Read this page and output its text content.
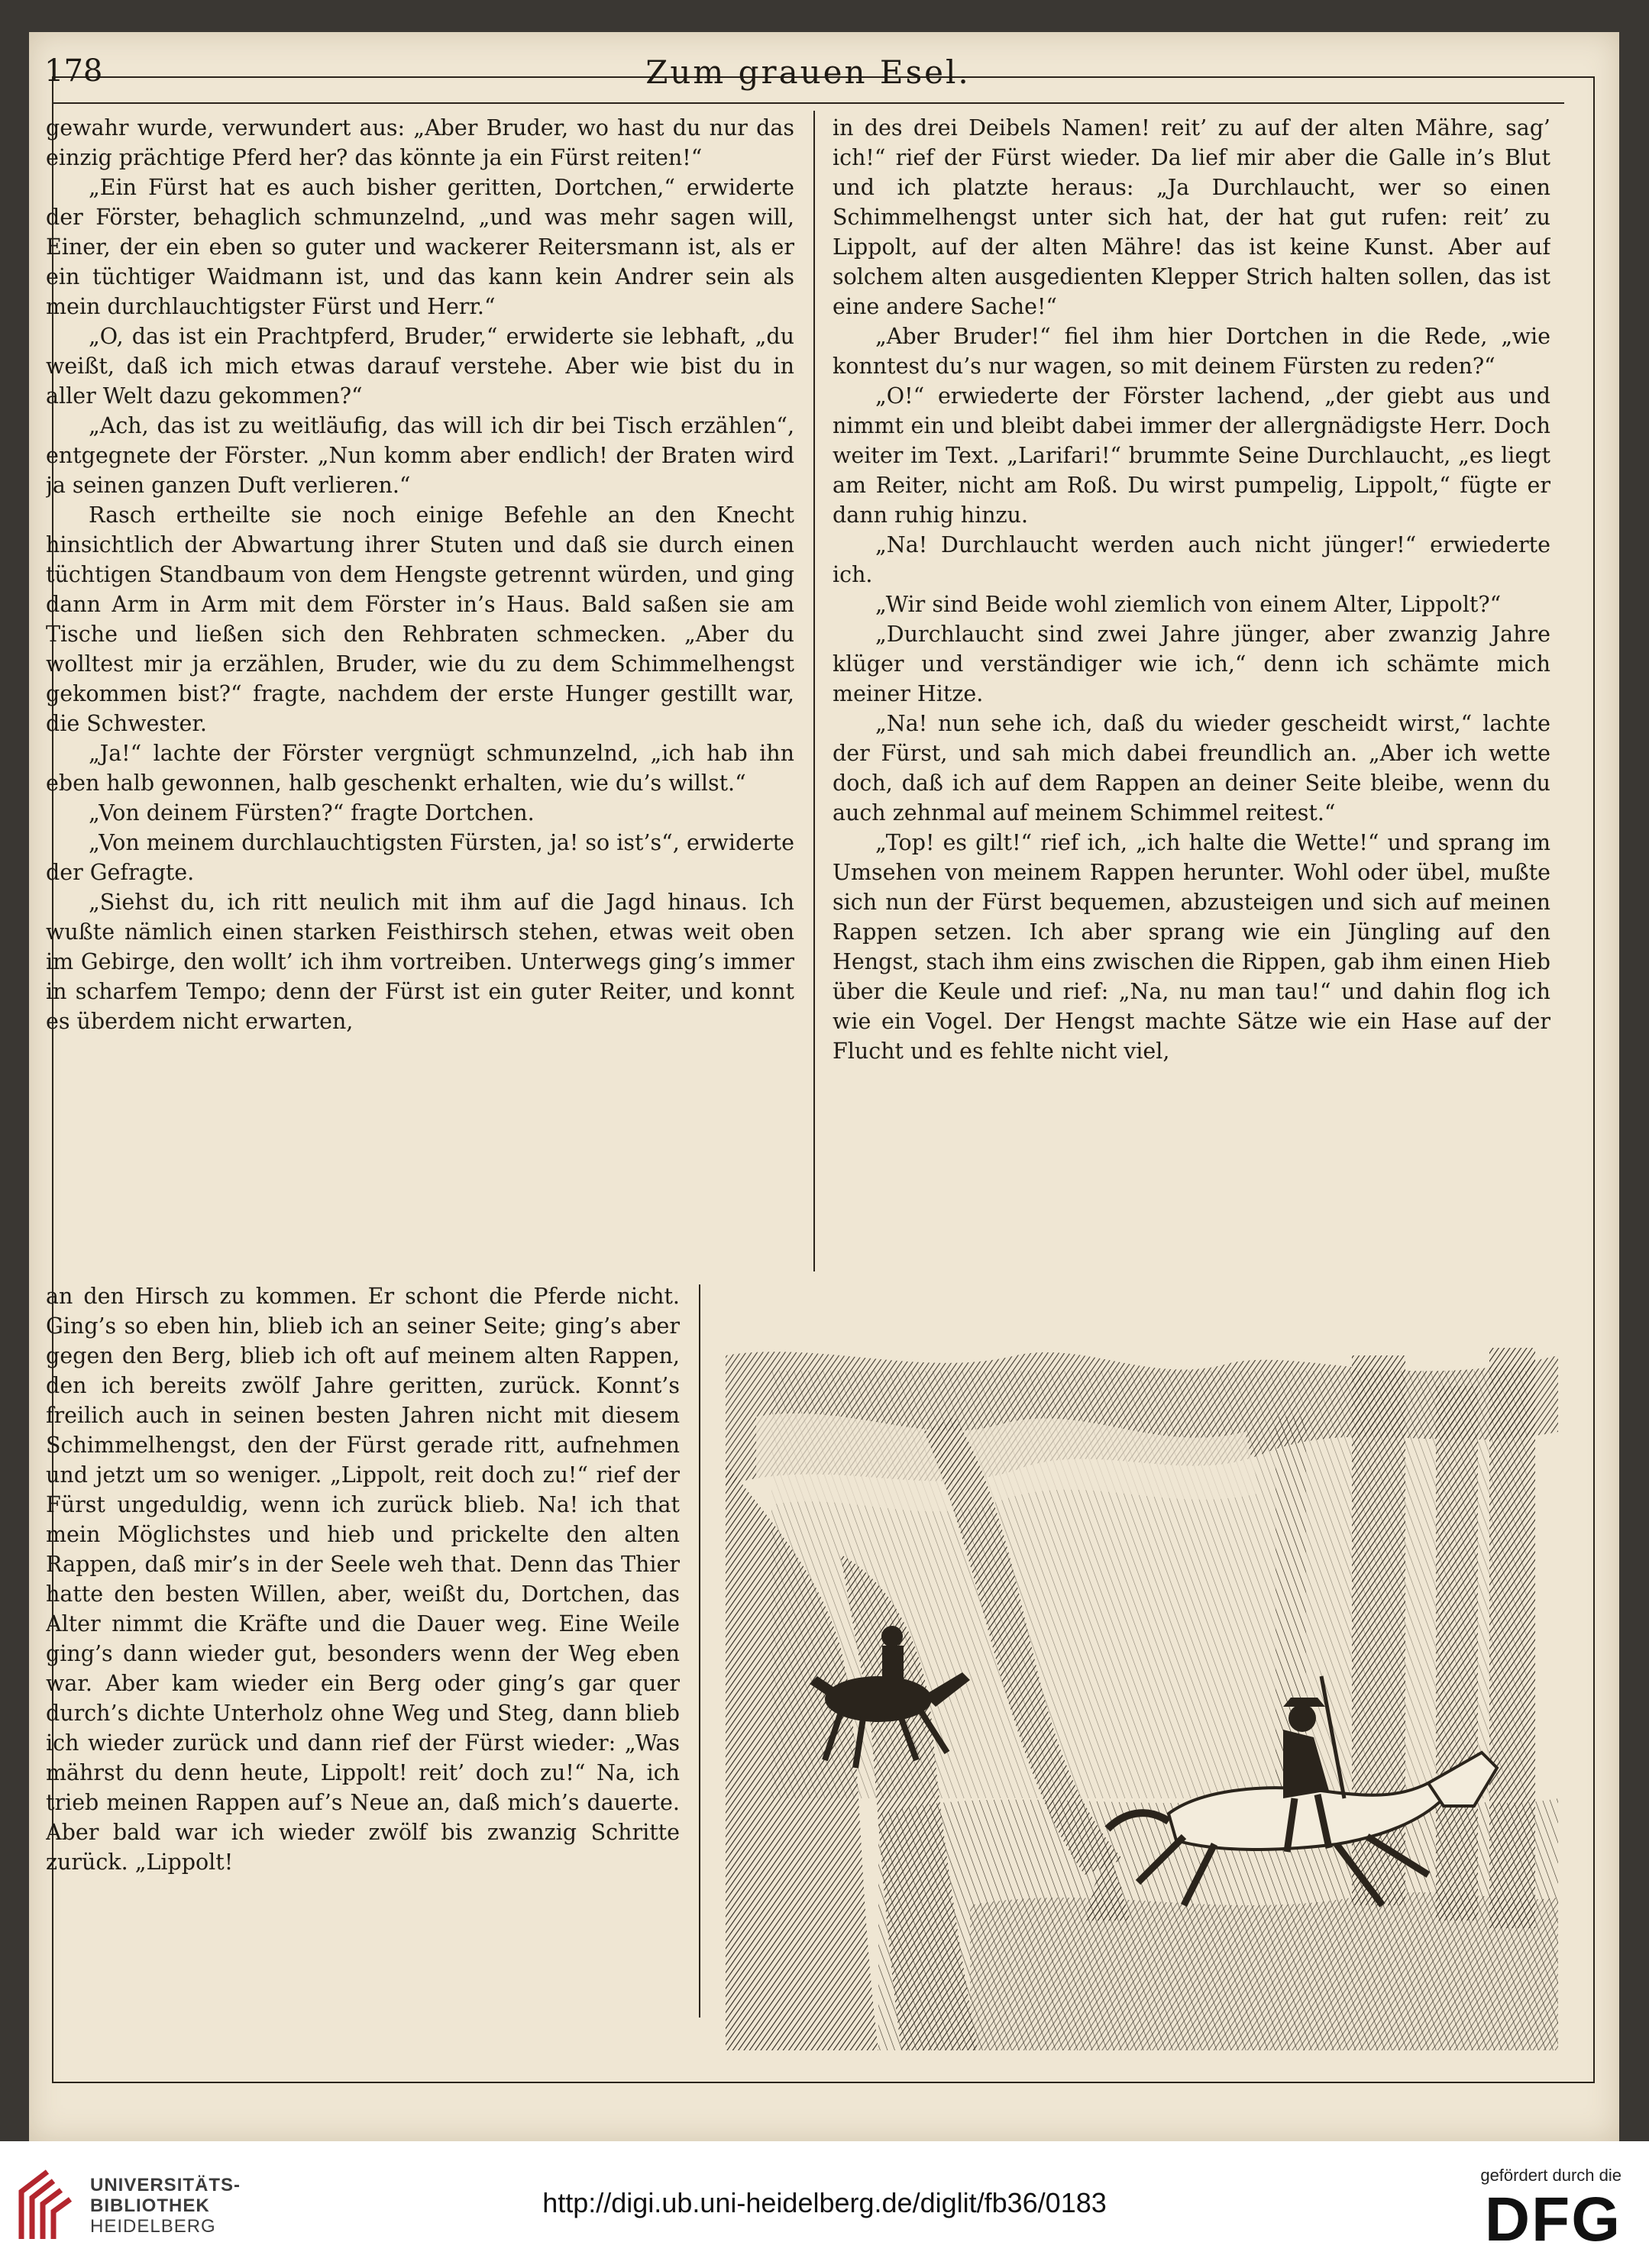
178	Zum grauen Esel.

gewahr wurde, verwundert aus: „Aber Bruder, wo hast du nur das einzig prächtige Pferd her? das könnte ja ein Fürst reiten!“

„Ein Fürst hat es auch bisher geritten, Dortchen,“ erwiderte der Förster, behaglich schmunzelnd, „und was mehr sagen will, Einer, der ein eben so guter und wackerer Reitersmann ist, als er ein tüchtiger Waidmann ist, und das kann kein Andrer sein als mein durchlauchtigster Fürst und Herr.“

„O, das ist ein Prachtpferd, Bruder,“ erwiderte sie lebhaft, „du weißt, daß ich mich etwas darauf verstehe. Aber wie bist du in aller Welt dazu gekommen?“

„Ach, das ist zu weitläufig, das will ich dir bei Tisch erzählen“, entgegnete der Förster. „Nun komm aber endlich! der Braten wird ja seinen ganzen Duft verlieren.“

Rasch ertheilte sie noch einige Befehle an den Knecht hinsichtlich der Abwartung ihrer Stuten und daß sie durch einen tüchtigen Standbaum von dem Hengste getrennt würden, und ging dann Arm in Arm mit dem Förster in’s Haus. Bald saßen sie am Tische und ließen sich den Rehbraten schmecken. „Aber du wolltest mir ja erzählen, Bruder, wie du zu dem Schimmelhengst gekommen bist?“ fragte, nachdem der erste Hunger gestillt war, die Schwester.

„Ja!“ lachte der Förster vergnügt schmunzelnd, „ich hab ihn eben halb gewonnen, halb geschenkt erhalten, wie du’s willst.“

„Von deinem Fürsten?“ fragte Dortchen.

„Von meinem durchlauchtigsten Fürsten, ja! so ist’s“, erwiderte der Gefragte.

„Siehst du, ich ritt neulich mit ihm auf die Jagd hinaus. Ich wußte nämlich einen starken Feisthirsch stehen, etwas weit oben im Gebirge, den wollt’ ich ihm vortreiben. Unterwegs ging’s immer in scharfem Tempo; denn der Fürst ist ein guter Reiter, und konnt es überdem nicht erwarten,

in des drei Deibels Namen! reit’ zu auf der alten Mähre, sag’ ich!“ rief der Fürst wieder. Da lief mir aber die Galle in’s Blut und ich platzte heraus: „Ja Durchlaucht, wer so einen Schimmelhengst unter sich hat, der hat gut rufen: reit’ zu Lippolt, auf der alten Mähre! das ist keine Kunst. Aber auf solchem alten ausgedienten Klepper Strich halten sollen, das ist eine andere Sache!“

„Aber Bruder!“ fiel ihm hier Dortchen in die Rede, „wie konntest du’s nur wagen, so mit deinem Fürsten zu reden?“

„O!“ erwiederte der Förster lachend, „der giebt aus und nimmt ein und bleibt dabei immer der allergnädigste Herr. Doch weiter im Text. „Larifari!“ brummte Seine Durchlaucht, „es liegt am Reiter, nicht am Roß. Du wirst pumpelig, Lippolt,“ fügte er dann ruhig hinzu.

„Na! Durchlaucht werden auch nicht jünger!“ erwiederte ich.

„Wir sind Beide wohl ziemlich von einem Alter, Lippolt?“

„Durchlaucht sind zwei Jahre jünger, aber zwanzig Jahre klüger und verständiger wie ich,“ denn ich schämte mich meiner Hitze.

„Na! nun sehe ich, daß du wieder gescheidt wirst,“ lachte der Fürst, und sah mich dabei freundlich an. „Aber ich wette doch, daß ich auf dem Rappen an deiner Seite bleibe, wenn du auch zehnmal auf meinem Schimmel reitest.“

„Top! es gilt!“ rief ich, „ich halte die Wette!“ und sprang im Umsehen von meinem Rappen herunter. Wohl oder übel, mußte sich nun der Fürst bequemen, abzusteigen und sich auf meinen Rappen setzen. Ich aber sprang wie ein Jüngling auf den Hengst, stach ihm eins zwischen die Rippen, gab ihm einen Hieb über die Keule und rief: „Na, nu man tau!“ und dahin flog ich wie ein Vogel. Der Hengst machte Sätze wie ein Hase auf der Flucht und es fehlte nicht viel,

an den Hirsch zu kommen. Er schont die Pferde nicht. Ging’s so eben hin, blieb ich an seiner Seite; ging’s aber gegen den Berg, blieb ich oft auf meinem alten Rappen, den ich bereits zwölf Jahre geritten, zurück. Konnt’s freilich auch in seinen besten Jahren nicht mit diesem Schimmelhengst, den der Fürst gerade ritt, aufnehmen und jetzt um so weniger. „Lippolt, reit doch zu!“ rief der Fürst ungeduldig, wenn ich zurück blieb. Na! ich that mein Möglichstes und hieb und prickelte den alten Rappen, daß mir’s in der Seele weh that. Denn das Thier hatte den besten Willen, aber, weißt du, Dortchen, das Alter nimmt die Kräfte und die Dauer weg. Eine Weile ging’s dann wieder gut, besonders wenn der Weg eben war. Aber kam wieder ein Berg oder ging’s gar quer durch’s dichte Unterholz ohne Weg und Steg, dann blieb ich wieder zurück und dann rief der Fürst wieder: „Was mährst du denn heute, Lippolt! reit’ doch zu!“ Na, ich trieb meinen Rappen auf’s Neue an, daß mich’s dauerte. Aber bald war ich wieder zwölf bis zwanzig Schritte zurück. „Lippolt!

UNIVERSITÄTS-
BIBLIOTHEK
HEIDELBERG
http://digi.ub.uni-heidelberg.de/diglit/fb36/0183
gefördert durch die
DFG
